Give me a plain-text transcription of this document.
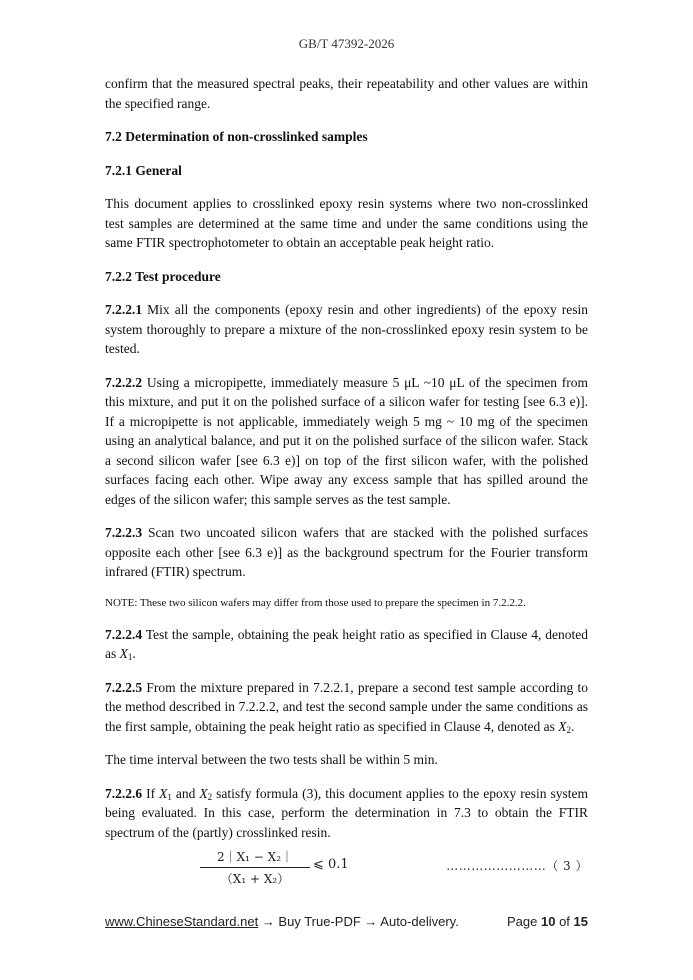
GB/T 47392-2026

confirm that the measured spectral peaks, their repeatability and other values are within the specified range.

7.2 Determination of non-crosslinked samples

7.2.1 General

This document applies to crosslinked epoxy resin systems where two non-crosslinked test samples are determined at the same time and under the same conditions using the same FTIR spectrophotometer to obtain an acceptable peak height ratio.

7.2.2 Test procedure

7.2.2.1 Mix all the components (epoxy resin and other ingredients) of the epoxy resin system thoroughly to prepare a mixture of the non-crosslinked epoxy resin system to be tested.

7.2.2.2 Using a micropipette, immediately measure 5 μL ~10 μL of the specimen from this mixture, and put it on the polished surface of a silicon wafer for testing [see 6.3 e)]. If a micropipette is not applicable, immediately weigh 5 mg ~ 10 mg of the specimen using an analytical balance, and put it on the polished surface of the silicon wafer. Stack a second silicon wafer [see 6.3 e)] on top of the first silicon wafer, with the polished surfaces facing each other. Wipe away any excess sample that has spilled around the edges of the silicon wafer; this sample serves as the test sample.

7.2.2.3 Scan two uncoated silicon wafers that are stacked with the polished surfaces opposite each other [see 6.3 e)] as the background spectrum for the Fourier transform infrared (FTIR) spectrum.

NOTE: These two silicon wafers may differ from those used to prepare the specimen in 7.2.2.2.

7.2.2.4 Test the sample, obtaining the peak height ratio as specified in Clause 4, denoted as $X_1$.

7.2.2.5 From the mixture prepared in 7.2.2.1, prepare a second test sample according to the method described in 7.2.2.2, and test the second sample under the same conditions as the first sample, obtaining the peak height ratio as specified in Clause 4, denoted as $X_2$.

The time interval between the two tests shall be within 5 min.

7.2.2.6 If $X_1$ and $X_2$ satisfy formula (3), this document applies to the epoxy resin system being evaluated. In this case, perform the determination in 7.3 to obtain the FTIR spectrum of the (partly) crosslinked resin.

$\frac{\text{2｜X₁ − X₂｜}}{\text{（X₁ + X₂）}}$ ⩽ 0.1	……………………（ 3 ）
www.ChineseStandard.net → Buy True-PDF → Auto-delivery.	Page 10 of 15
